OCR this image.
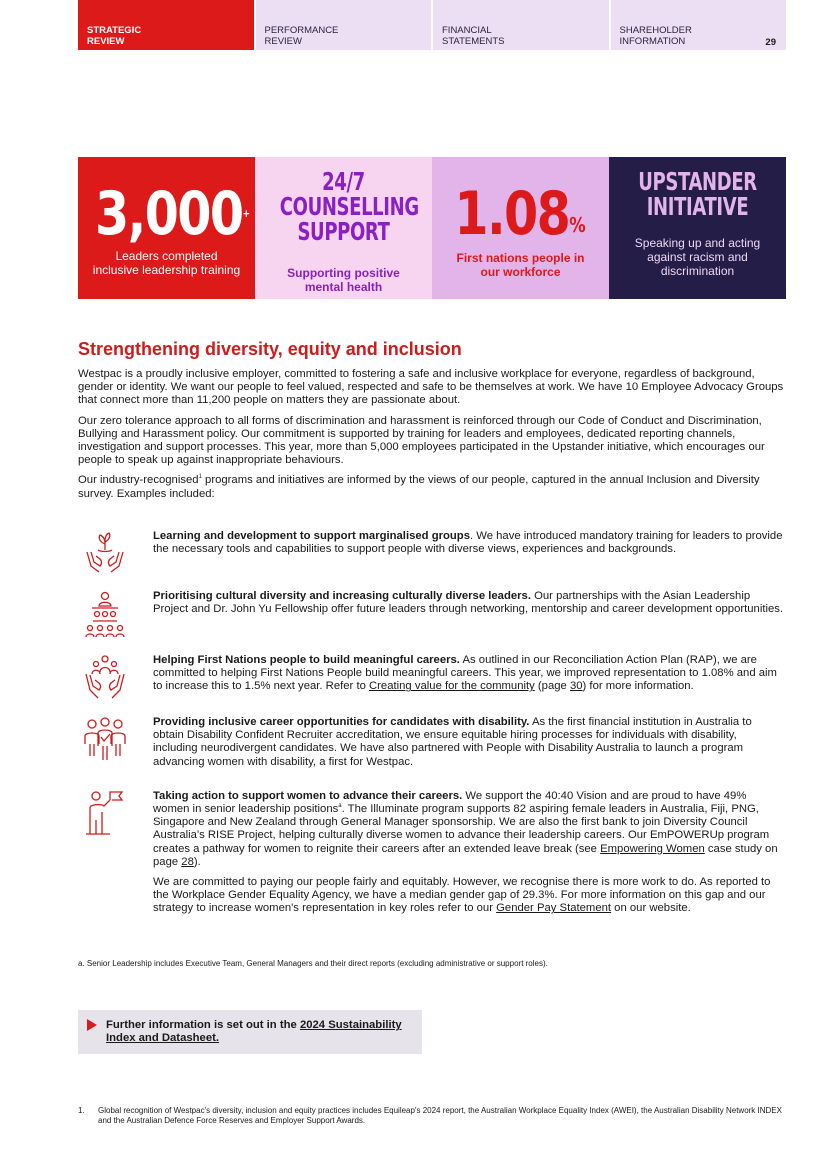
STRATEGIC
REVIEW
PERFORMANCE
REVIEW
FINANCIAL
STATEMENTS
SHAREHOLDER
INFORMATION	29
3,000+
Leaders completed inclusive leadership training
24/7
COUNSELLING
SUPPORT
Supporting positive mental health
1.08%
First nations people in our workforce
UPSTANDER
INITIATIVE
Speaking up and acting against racism and discrimination
Strengthening diversity, equity and inclusion

Westpac is a proudly inclusive employer, committed to fostering a safe and inclusive workplace for everyone, regardless of background, gender or identity. We want our people to feel valued, respected and safe to be themselves at work. We have 10 Employee Advocacy Groups that connect more than 11,200 people on matters they are passionate about.

Our zero tolerance approach to all forms of discrimination and harassment is reinforced through our Code of Conduct and Discrimination, Bullying and Harassment policy. Our commitment is supported by training for leaders and employees, dedicated reporting channels, investigation and support processes. This year, more than 5,000 employees participated in the Upstander initiative, which encourages our people to speak up against inappropriate behaviours.

Our industry-recognised$^1$ programs and initiatives are informed by the views of our people, captured in the annual Inclusion and Diversity survey. Examples included:

Learning and development to support marginalised groups. We have introduced mandatory training for leaders to provide the necessary tools and capabilities to support people with diverse views, experiences and backgrounds.

Prioritising cultural diversity and increasing culturally diverse leaders. Our partnerships with the Asian Leadership Project and Dr. John Yu Fellowship offer future leaders through networking, mentorship and career development opportunities.

Helping First Nations people to build meaningful careers. As outlined in our Reconciliation Action Plan (RAP), we are committed to helping First Nations People build meaningful careers. This year, we improved representation to 1.08% and aim to increase this to 1.5% next year. Refer to Creating value for the community (page 30) for more information.

Providing inclusive career opportunities for candidates with disability. As the first financial institution in Australia to obtain Disability Confident Recruiter accreditation, we ensure equitable hiring processes for individuals with disability, including neurodivergent candidates. We have also partnered with People with Disability Australia to launch a program advancing women with disability, a first for Westpac.

Taking action to support women to advance their careers. We support the 40:40 Vision and are proud to have 49% women in senior leadership positions$^a$. The Illuminate program supports 82 aspiring female leaders in Australia, Fiji, PNG, Singapore and New Zealand through General Manager sponsorship. We are also the first bank to join Diversity Council Australia's RISE Project, helping culturally diverse women to advance their leadership careers. Our EmPOWERUp program creates a pathway for women to reignite their careers after an extended leave break (see Empowering Women case study on page 28).

We are committed to paying our people fairly and equitably. However, we recognise there is more work to do. As reported to the Workplace Gender Equality Agency, we have a median gender gap of 29.3%. For more information on this gap and our strategy to increase women's representation in key roles refer to our Gender Pay Statement on our website.

a. Senior Leadership includes Executive Team, General Managers and their direct reports (excluding administrative or support roles).
Further information is set out in the 2024 Sustainability Index and Datasheet.
1.	Global recognition of Westpac's diversity, inclusion and equity practices includes Equileap's 2024 report, the Australian Workplace Equality Index (AWEI), the Australian Disability Network INDEX and the Australian Defence Force Reserves and Employer Support Awards.
